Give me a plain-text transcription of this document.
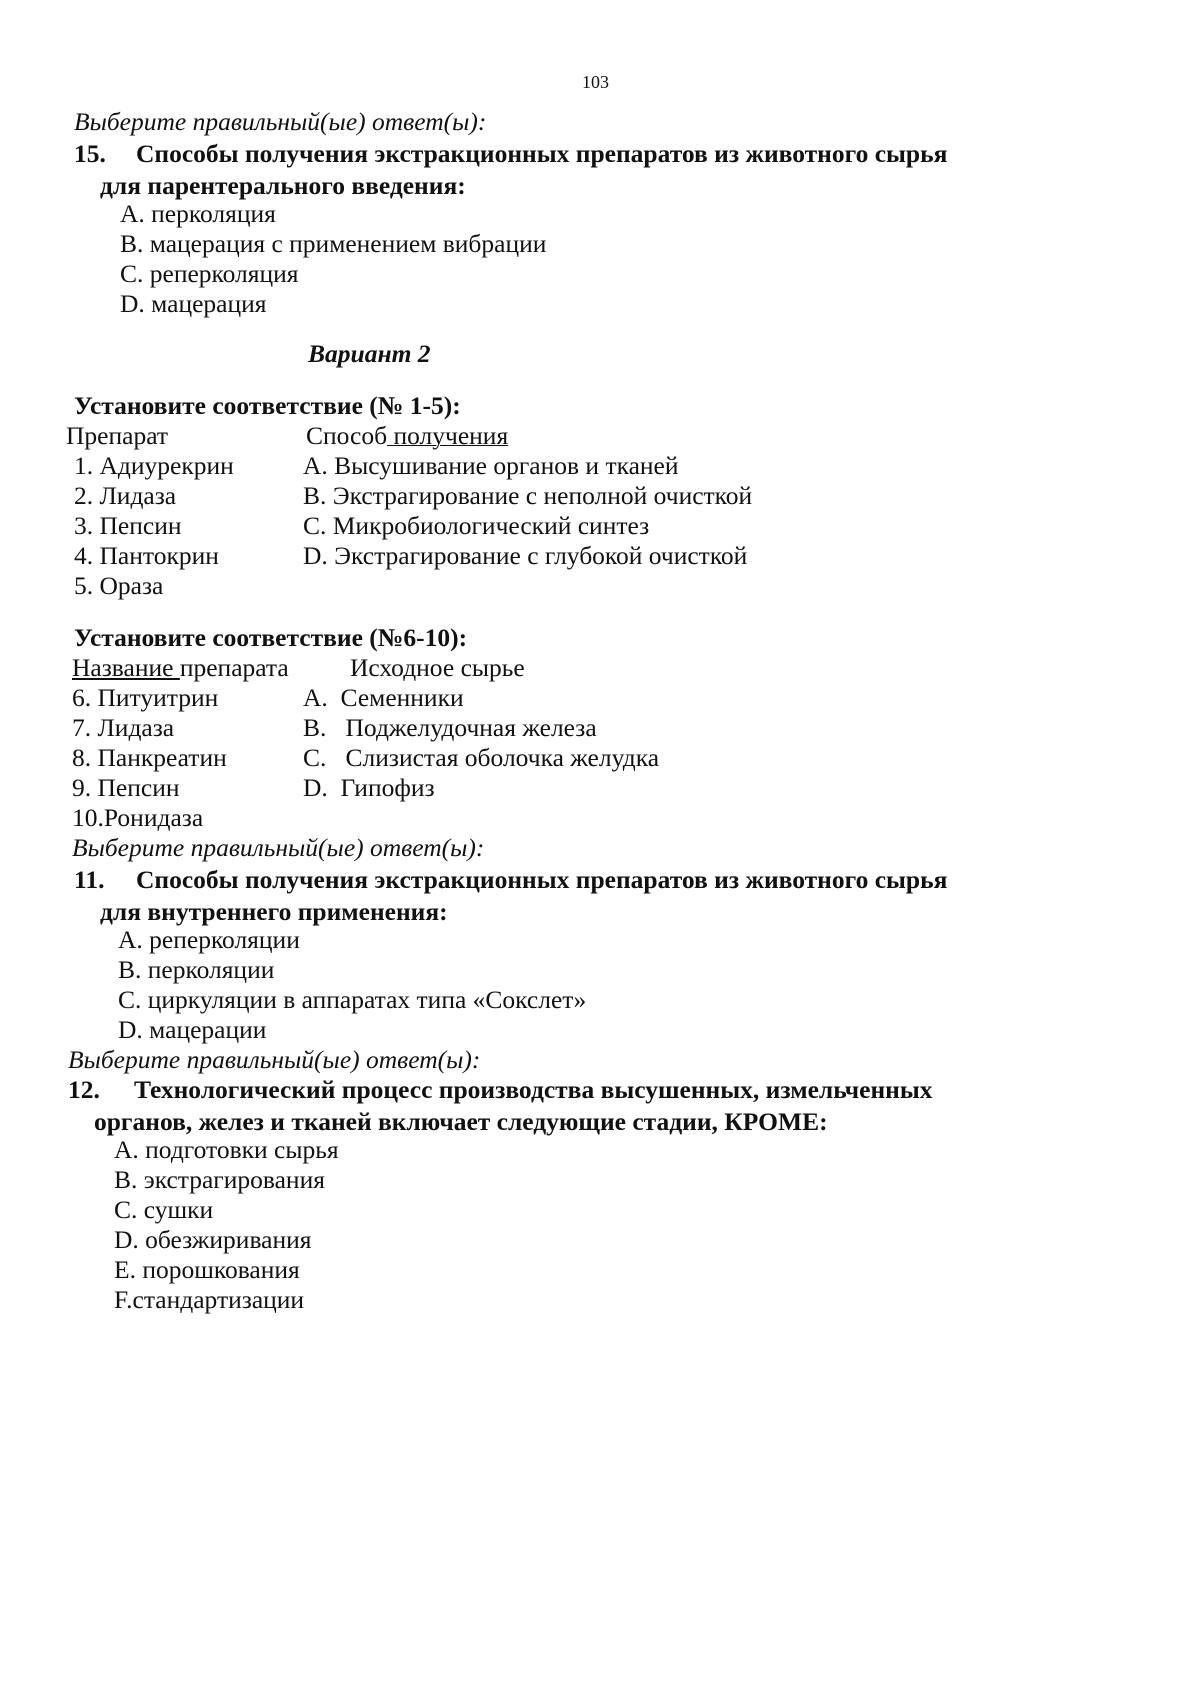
103
Выберите правильный(ые) ответ(ы):
15. Способы получения экстракционных препаратов из животного сырья
для парентерального введения:
A. перколяция
B. мацерация с применением вибрации
C. реперколяция
D. мацерация
Вариант 2
Установите соответствие (№ 1-5):
Препарат	Способ получения
1. Адиурекрин
2. Лидаза
3. Пепсин
4. Пантокрин
5. Ораза
A. Высушивание органов и тканей
B. Экстрагирование с неполной очисткой
C. Микробиологический синтез
D. Экстрагирование с глубокой очисткой
Установите соответствие (№6-10):
Название препарата Исходное сырье
6. Питуитрин
7. Лидаза
8. Панкреатин
9. Пепсин
10.Ронидаза
A.  Семенники
B.   Поджелудочная железа
C.   Слизистая оболочка желудка
D.  Гипофиз
Выберите правильный(ые) ответ(ы):
11. Способы получения экстракционных препаратов из животного сырья
для внутреннего применения:
A. реперколяции
B. перколяции
C. циркуляции в аппаратах типа «Сокслет»
D. мацерации
Выберите правильный(ые) ответ(ы):
12. Технологический процесс производства высушенных, измельченных
органов, желез и тканей включает следующие стадии, КРОМЕ:
A. подготовки сырья
B. экстрагирования
C. сушки
D. обезжиривания
E. порошкования
F.стандартизации
